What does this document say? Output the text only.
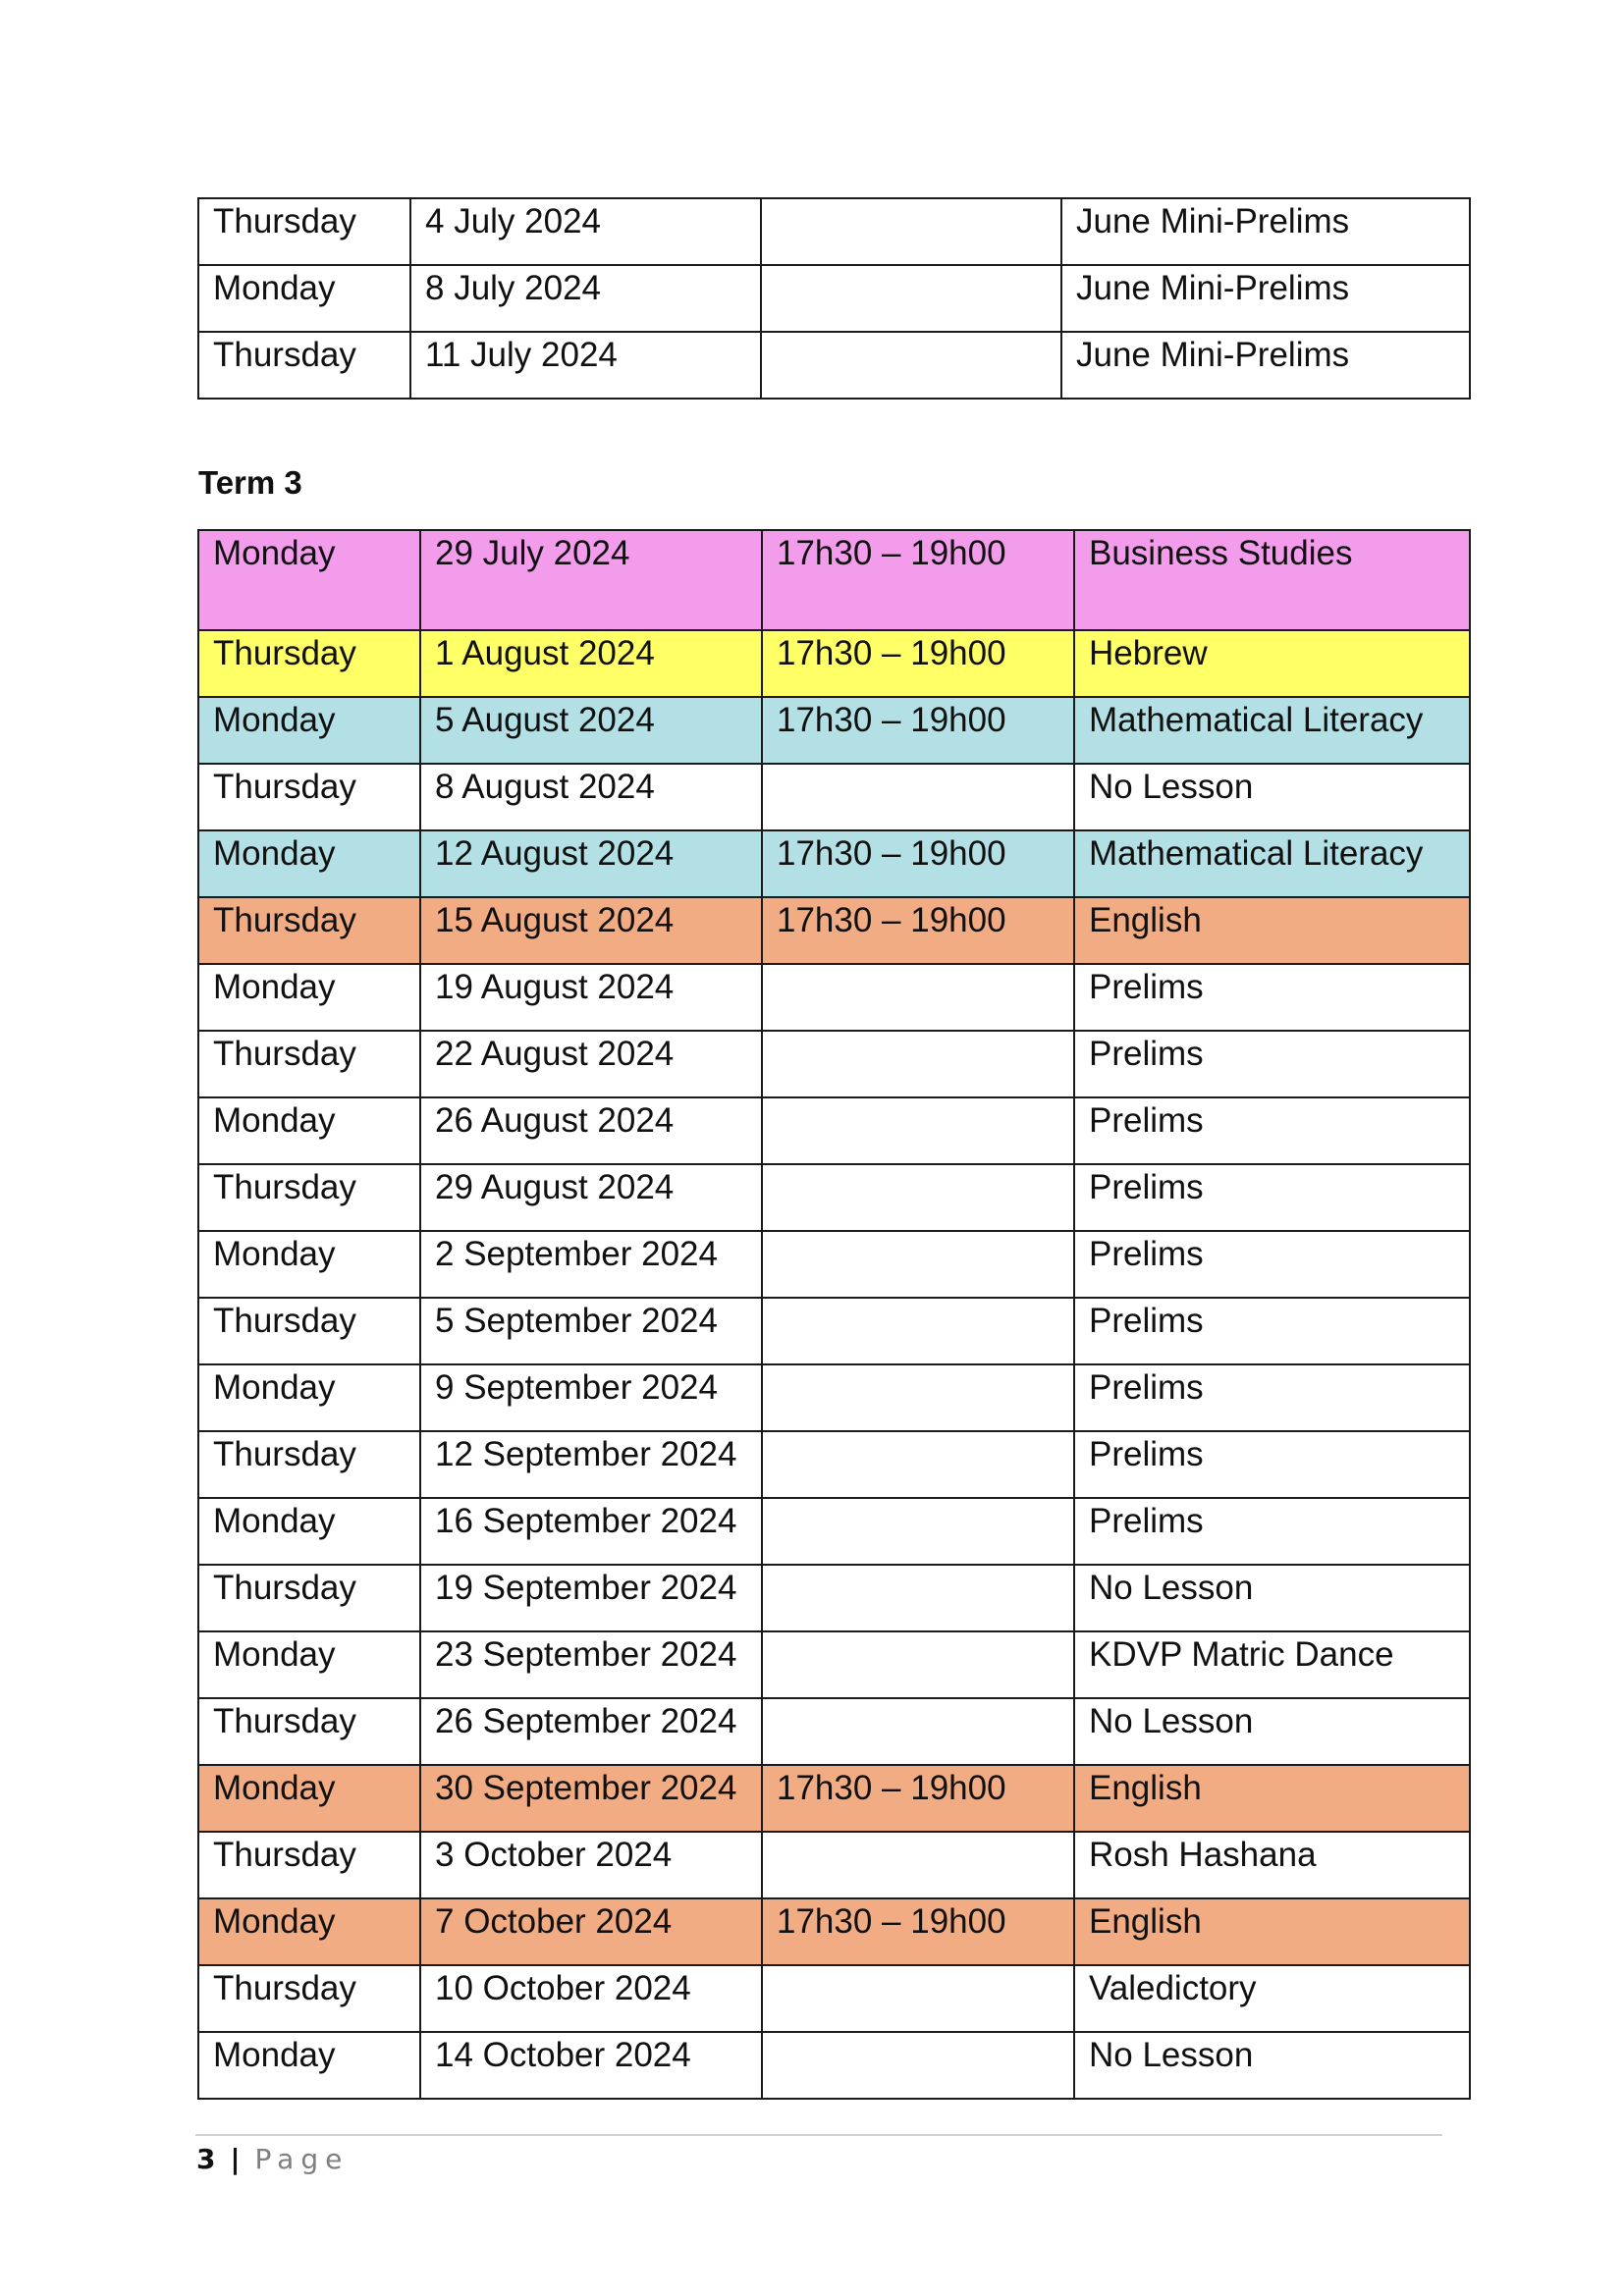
Thursday	4 July 2024		June Mini-Prelims
Monday	8 July 2024		June Mini-Prelims
Thursday	11 July 2024		June Mini-Prelims
Term 3
Monday	29 July 2024	17h30 – 19h00	Business Studies
Thursday	1 August 2024	17h30 – 19h00	Hebrew
Monday	5 August 2024	17h30 – 19h00	Mathematical Literacy
Thursday	8 August 2024		No Lesson
Monday	12 August 2024	17h30 – 19h00	Mathematical Literacy
Thursday	15 August 2024	17h30 – 19h00	English
Monday	19 August 2024		Prelims
Thursday	22 August 2024		Prelims
Monday	26 August 2024		Prelims
Thursday	29 August 2024		Prelims
Monday	2 September 2024		Prelims
Thursday	5 September 2024		Prelims
Monday	9 September 2024		Prelims
Thursday	12 September 2024		Prelims
Monday	16 September 2024		Prelims
Thursday	19 September 2024		No Lesson
Monday	23 September 2024		KDVP Matric Dance
Thursday	26 September 2024		No Lesson
Monday	30 September 2024	17h30 – 19h00	English
Thursday	3 October 2024		Rosh Hashana
Monday	7 October 2024	17h30 – 19h00	English
Thursday	10 October 2024		Valedictory
Monday	14 October 2024		No Lesson
3 | Page
